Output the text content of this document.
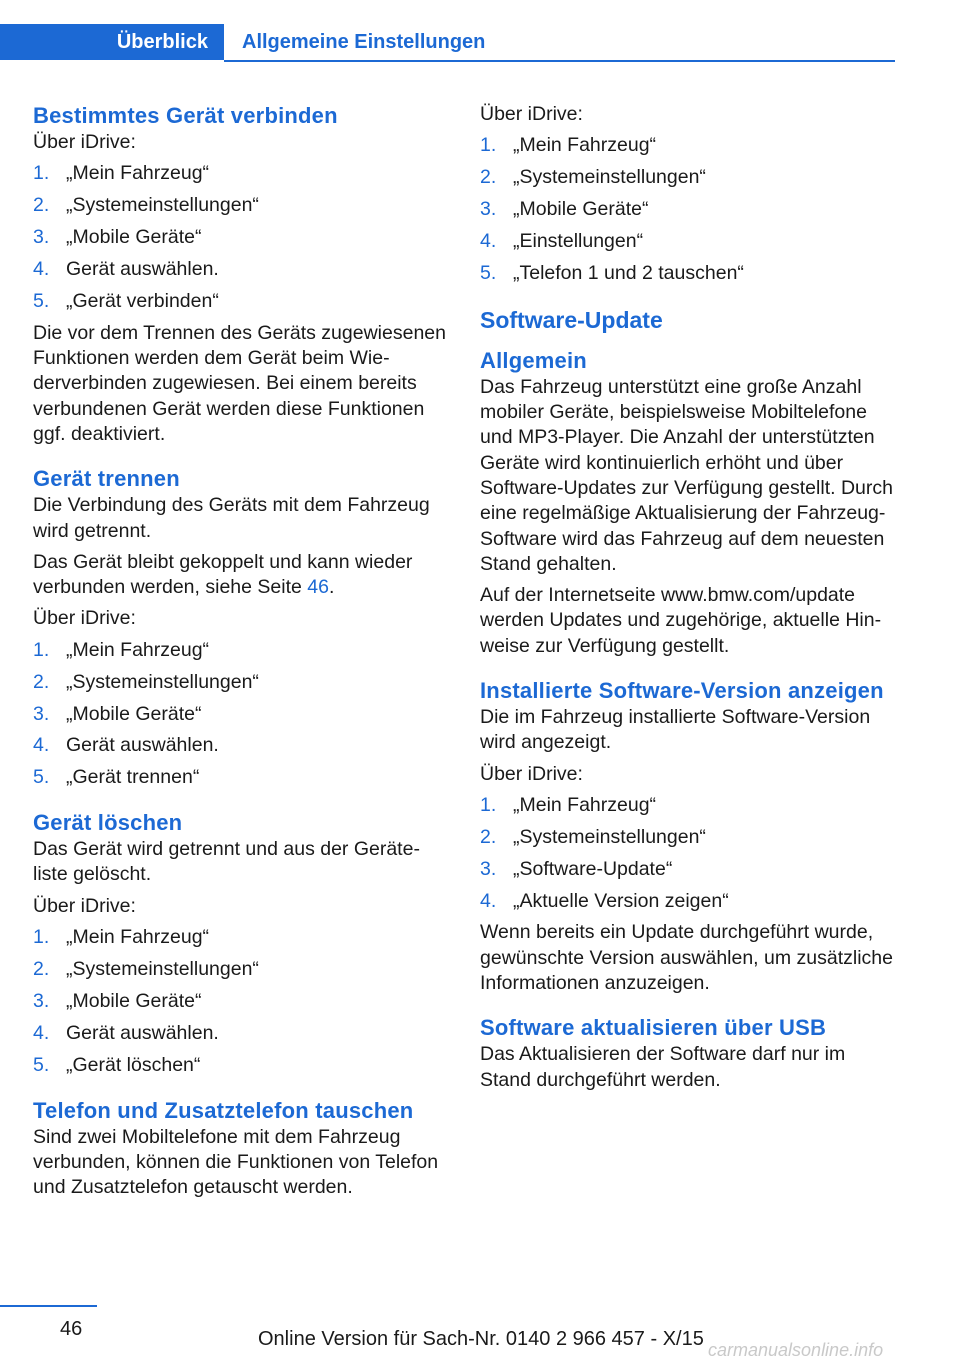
Überblick	Allgemeine Einstellungen
Bestimmtes Gerät verbinden

Über iDrive:

1. „Mein Fahrzeug“
2. „Systemeinstellungen“
3. „Mobile Geräte“
4. Gerät auswählen.
5. „Gerät verbinden“

Die vor dem Trennen des Geräts zugewiesenen Funktionen werden dem Gerät beim Wiederverbinden zugewiesen. Bei einem bereits verbundenen Gerät werden diese Funktionen ggf. deaktiviert.

Gerät trennen

Die Verbindung des Geräts mit dem Fahrzeug wird getrennt.

Das Gerät bleibt gekoppelt und kann wieder verbunden werden, siehe Seite 46.

Über iDrive:

1. „Mein Fahrzeug“
2. „Systemeinstellungen“
3. „Mobile Geräte“
4. Gerät auswählen.
5. „Gerät trennen“
Gerät löschen

Das Gerät wird getrennt und aus der Geräteliste gelöscht.

Über iDrive:

1. „Mein Fahrzeug“
2. „Systemeinstellungen“
3. „Mobile Geräte“
4. Gerät auswählen.
5. „Gerät löschen“
Telefon und Zusatztelefon tauschen

Sind zwei Mobiltelefone mit dem Fahrzeug verbunden, können die Funktionen von Telefon und Zusatztelefon getauscht werden.

Über iDrive:

1. „Mein Fahrzeug“
2. „Systemeinstellungen“
3. „Mobile Geräte“
4. „Einstellungen“
5. „Telefon 1 und 2 tauschen“
Software-Update
Allgemein

Das Fahrzeug unterstützt eine große Anzahl mobiler Geräte, beispielsweise Mobiltelefone und MP3-Player. Die Anzahl der unterstützten Geräte wird kontinuierlich erhöht und über Software-Updates zur Verfügung gestellt. Durch eine regelmäßige Aktualisierung der Fahrzeug-Software wird das Fahrzeug auf dem neuesten Stand gehalten.

Auf der Internetseite www.bmw.com/update werden Updates und zugehörige, aktuelle Hinweise zur Verfügung gestellt.

Installierte Software-Version anzeigen

Die im Fahrzeug installierte Software-Version wird angezeigt.

Über iDrive:

1. „Mein Fahrzeug“
2. „Systemeinstellungen“
3. „Software-Update“
4. „Aktuelle Version zeigen“

Wenn bereits ein Update durchgeführt wurde, gewünschte Version auswählen, um zusätzliche Informationen anzuzeigen.

Software aktualisieren über USB

Das Aktualisieren der Software darf nur im Stand durchgeführt werden.

46	Online Version für Sach-Nr. 0140 2 966 457 - X/15 carmanualsonline.info
